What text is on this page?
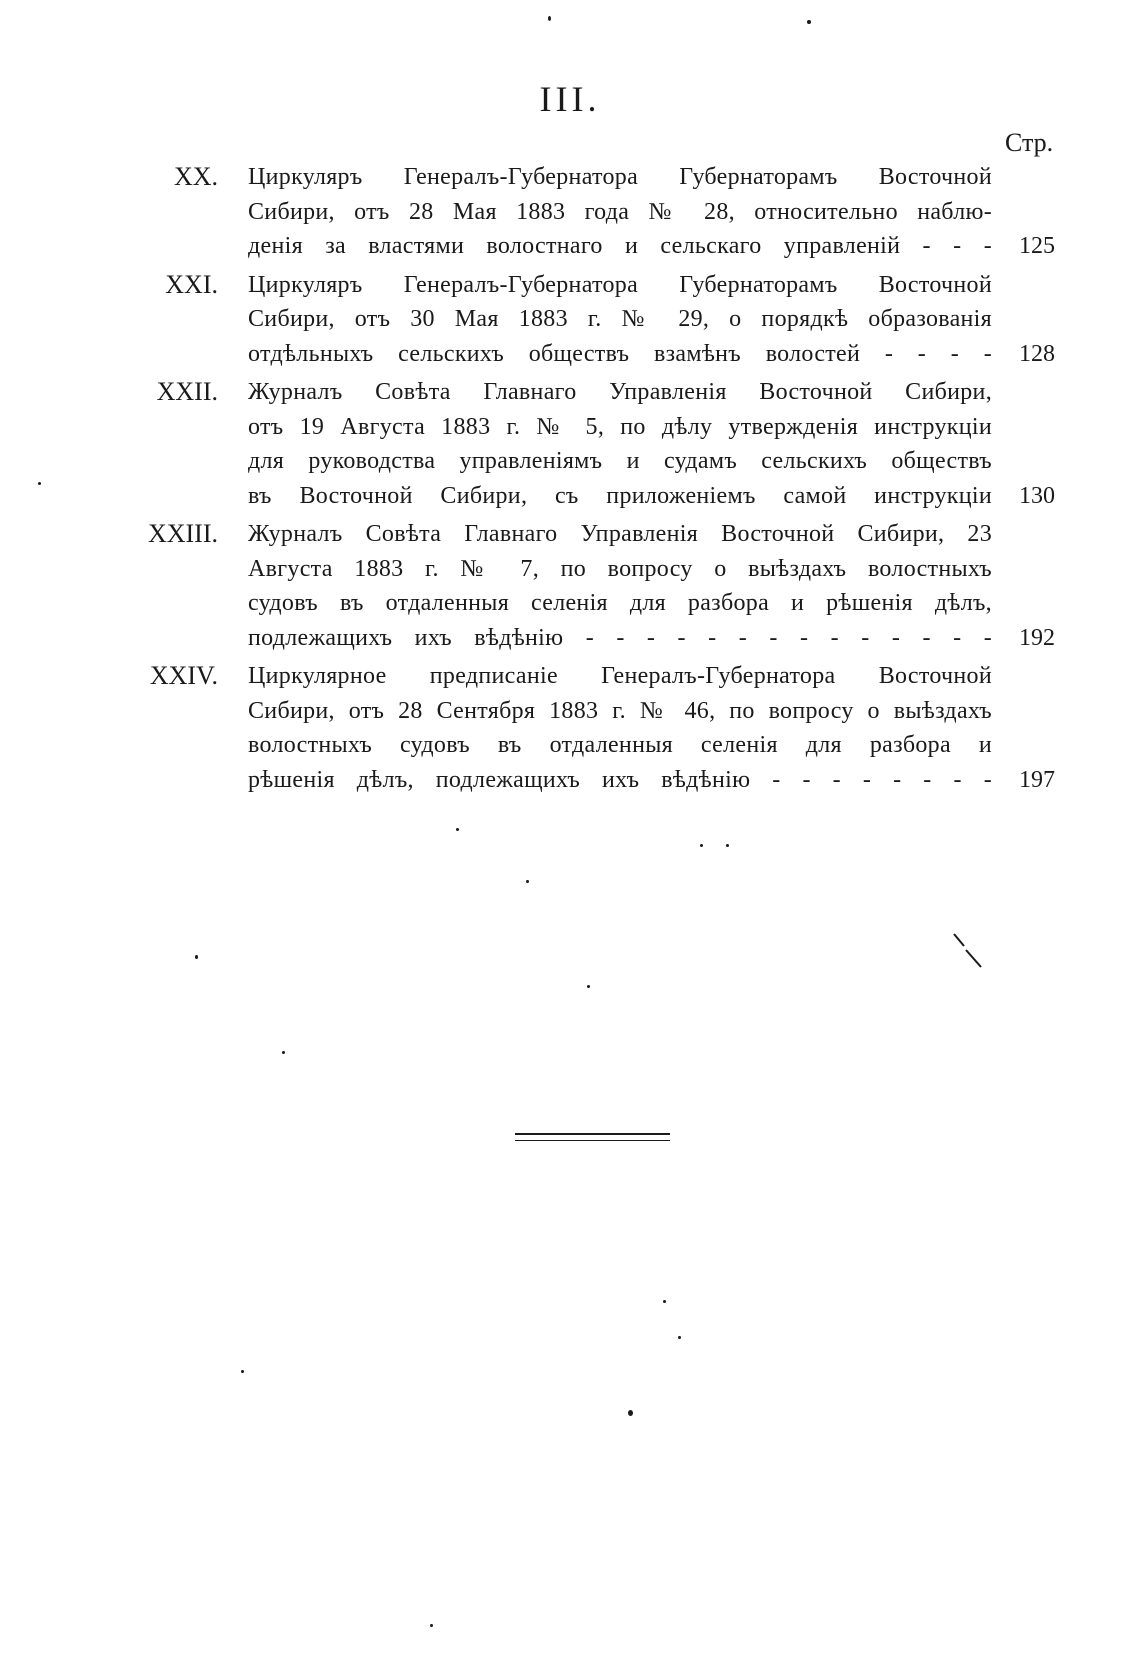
III.
Стр.
XX. Циркуляръ Генералъ-Губернатора Губернаторамъ Восточной
Сибири, отъ 28 Мая 1883 года № 28, относительно наблю-
денія за властями волостнаго и сельскаго управленій - - - 125
XXI. Циркуляръ Генералъ-Губернатора Губернаторамъ Восточной
Сибири, отъ 30 Мая 1883 г. № 29, о порядкѣ образованія
отдѣльныхъ сельскихъ обществъ взамѣнъ волостей - - - - 128
XXII. Журналъ Совѣта Главнаго Управленія Восточной Сибири,
отъ 19 Августа 1883 г. № 5, по дѣлу утвержденія инструкціи
для руководства управленіямъ и судамъ сельскихъ обществъ
въ Восточной Сибири, съ приложеніемъ самой инструкціи 130
XXIII. Журналъ Совѣта Главнаго Управленія Восточной Сибири, 23
Августа 1883 г. № 7, по вопросу о выѣздахъ волостныхъ
судовъ въ отдаленныя селенія для разбора и рѣшенія дѣлъ,
подлежащихъ ихъ вѣдѣнію - - - - - - - - - - - - - - 192
XXIV. Циркулярное предписаніе Генералъ-Губернатора Восточной
Сибири, отъ 28 Сентября 1883 г. № 46, по вопросу о выѣздахъ
волостныхъ судовъ въ отдаленныя селенія для разбора и
рѣшенія дѣлъ, подлежащихъ ихъ вѣдѣнію - - - - - - - - 197
